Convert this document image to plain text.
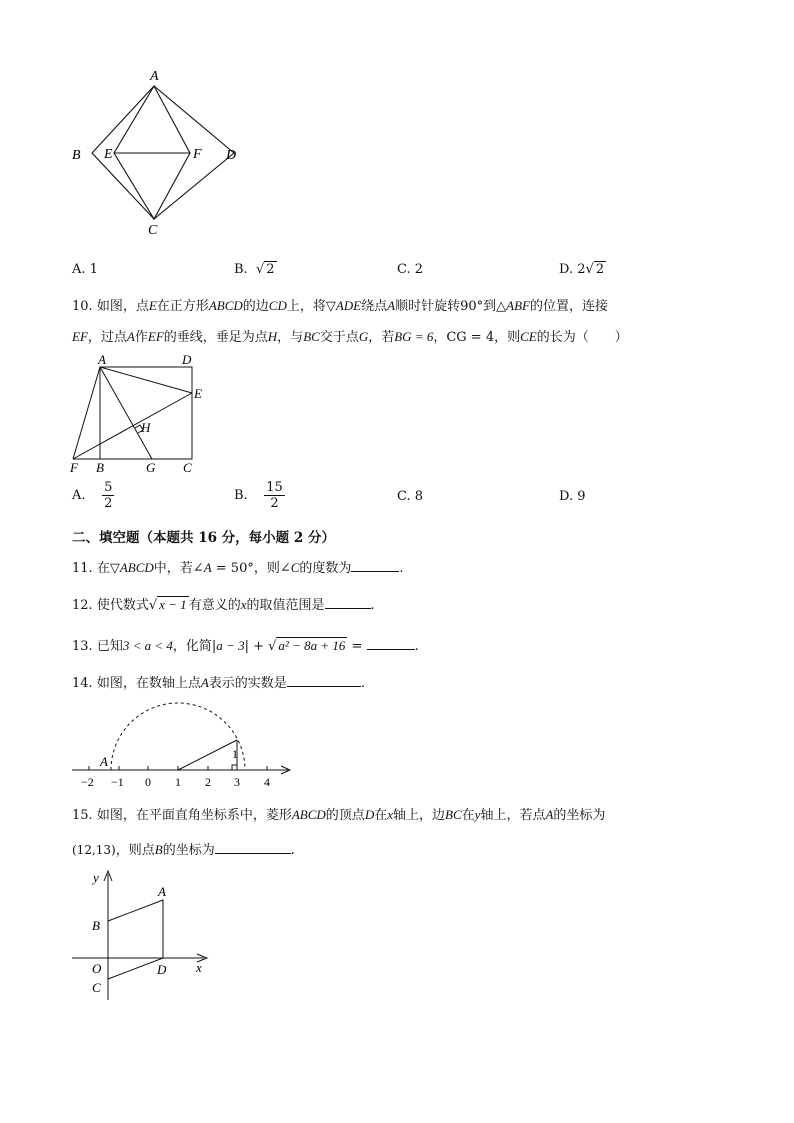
A
B E	F D
C
A. 1	B.  √ 2	C. 2	D. 2√ 2
10. 如图，点E在正方形ABCD的边CD上，将▽ADE绕点A顺时针旋转90°到△ABF的位置，连接
EF，过点A作EF的垂线，垂足为点H，与BC交于点G，若BG = 6，CG = 4，则CE的长为（　　）
A	D
E
H
F B	G C
A. $\frac{5}{2}$	B. $\frac{15}{2}$	C. 8	D. 9
二、填空题（本题共 16 分，每小题 2 分）
11. 在▽ABCD中，若∠A = 50°，则∠C的度数为	.
12. 使代数式√ x − 1 有意义的x的取值范围是	.
13. 已知3 < a < 4，化简|a − 3| + √ a² − 8a + 16 =	.
14. 如图，在数轴上点A表示的实数是	.
1
A
−2 −1 0 1 2 3 4
15. 如图，在平面直角坐标系中，菱形ABCD的顶点D在x轴上，边BC在y轴上，若点A的坐标为
(12,13)，则点B的坐标为	.
y
x
A
B
O
C
D
